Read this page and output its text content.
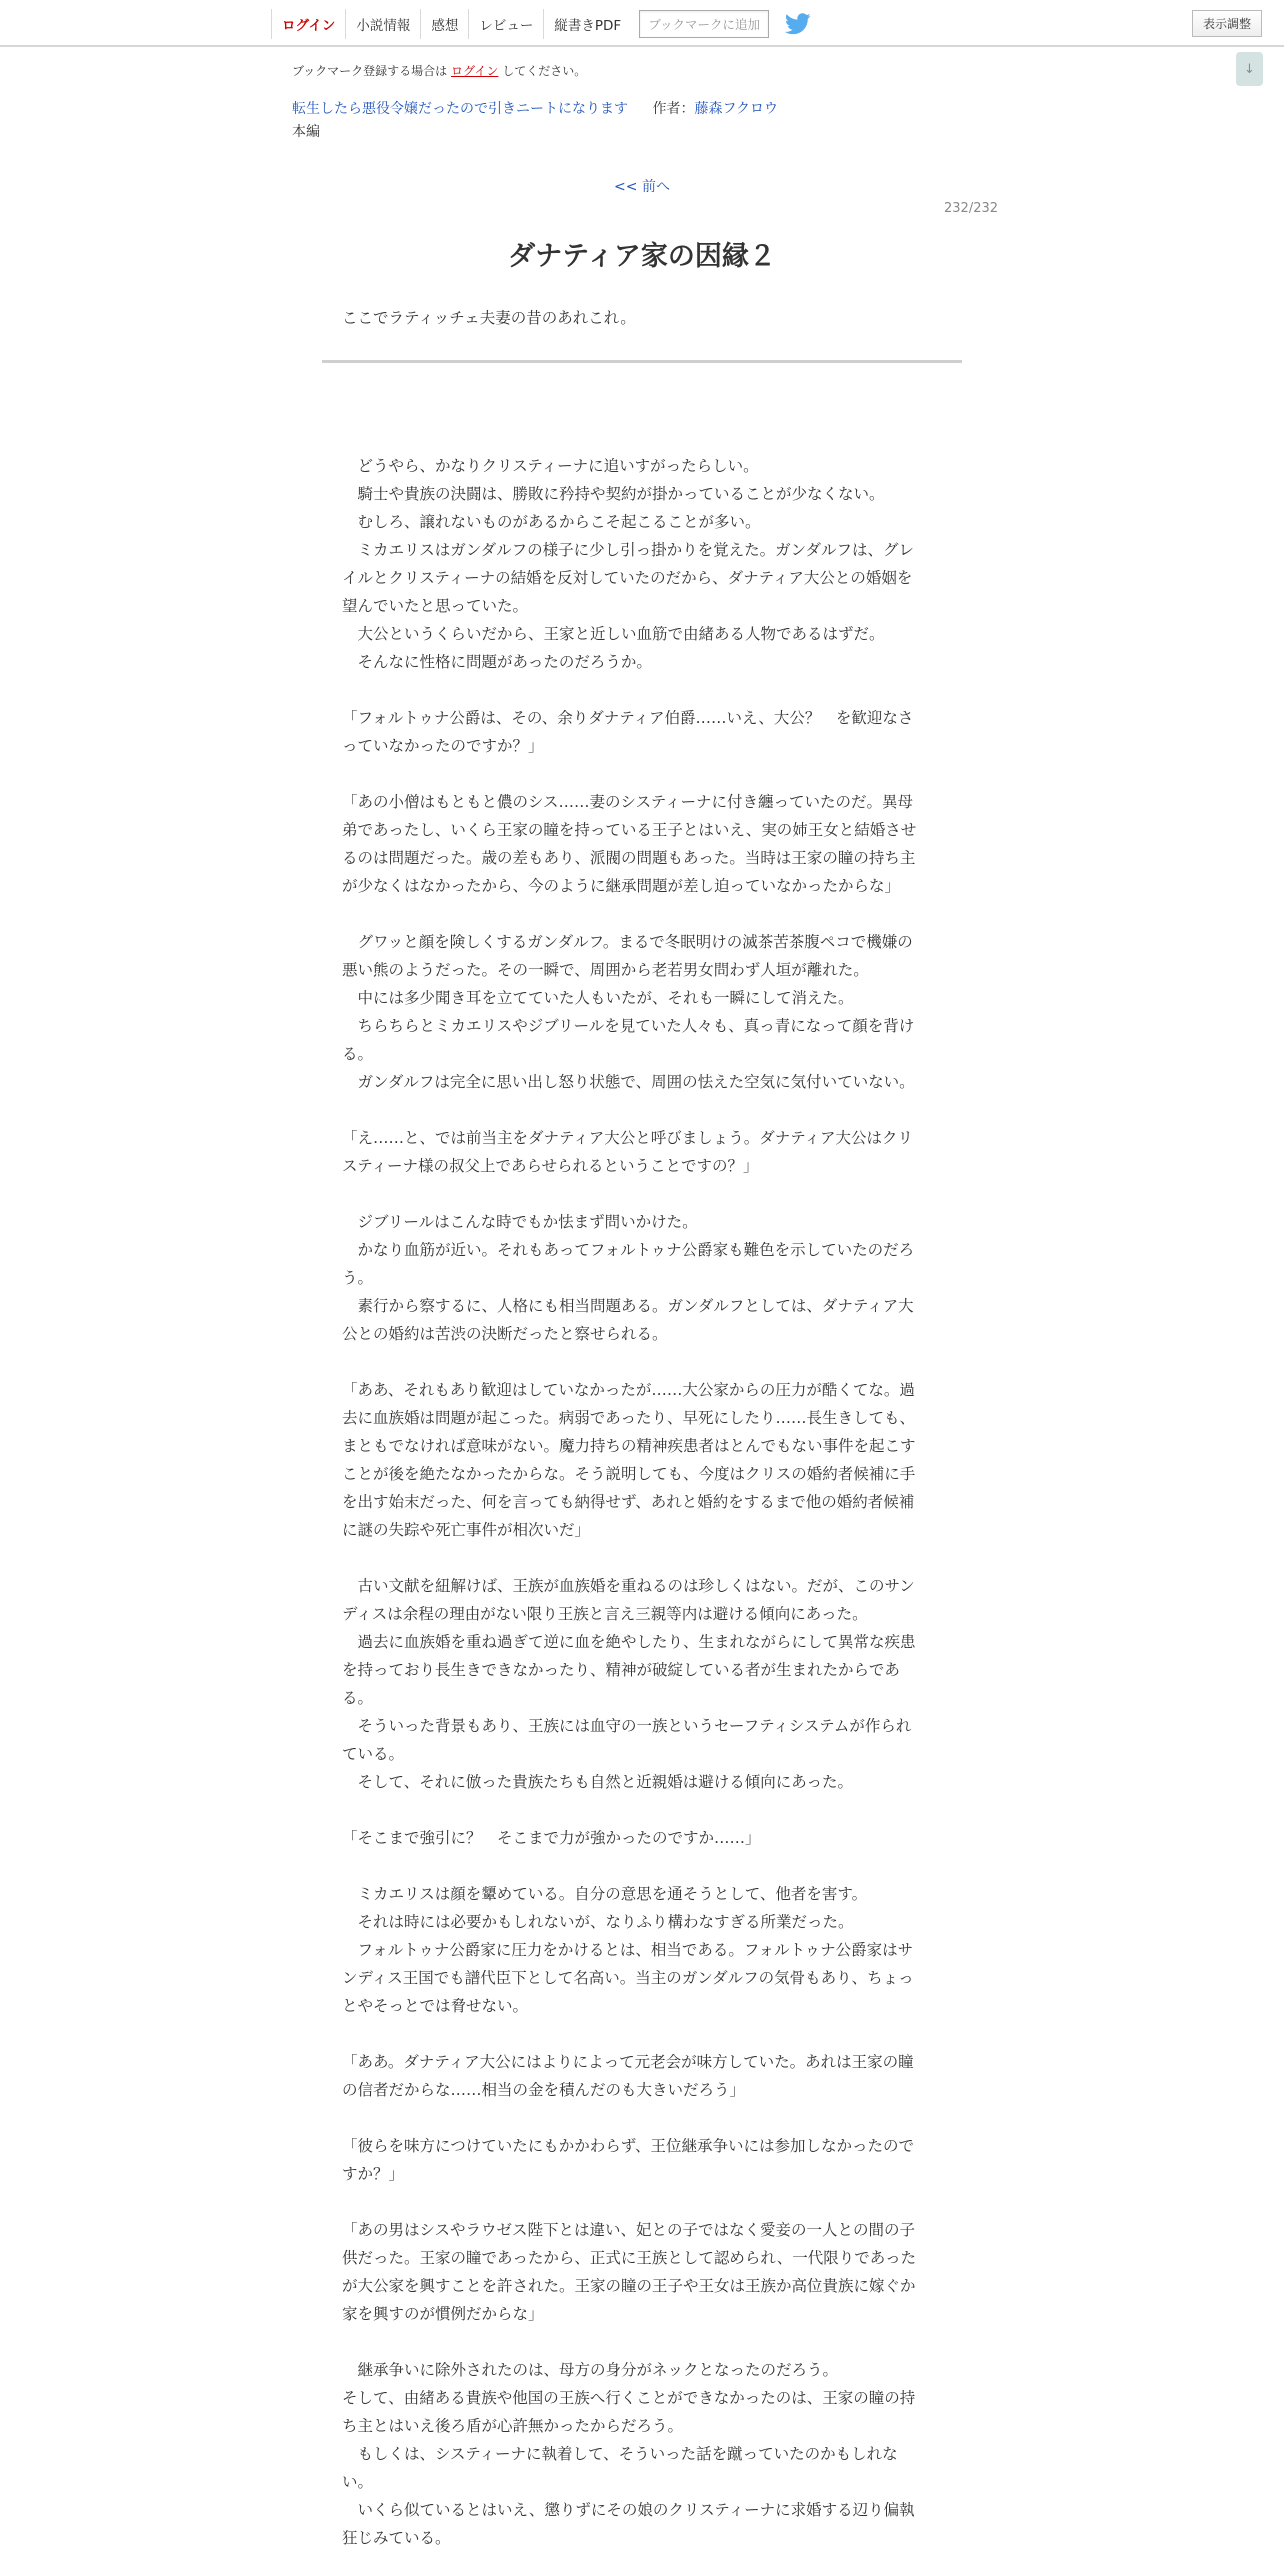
ログイン	小説情報	感想	レビュー	縦書きPDF	ブックマークに追加	表示調整
↓
ブックマーク登録する場合は ログイン してください。
転生したら悪役令嬢だったので引きニートになります 作者：藤森フクロウ
本編
<< 前へ
232/232
ダナティア家の因縁２
ここでラティッチェ夫妻の昔のあれこれ。

　どうやら、かなりクリスティーナに追いすがったらしい。

　騎士や貴族の決闘は、勝敗に矜持や契約が掛かっていることが少なくない。

　むしろ、譲れないものがあるからこそ起こることが多い。

　ミカエリスはガンダルフの様子に少し引っ掛かりを覚えた。ガンダルフは、グレ

イルとクリスティーナの結婚を反対していたのだから、ダナティア大公との婚姻を

望んでいたと思っていた。

　大公というくらいだから、王家と近しい血筋で由緒ある人物であるはずだ。

　そんなに性格に問題があったのだろうか。

「フォルトゥナ公爵は、その、余りダナティア伯爵……いえ、大公？　を歓迎なさ

っていなかったのですか？」

「あの小僧はもともと儂のシス……妻のシスティーナに付き纏っていたのだ。異母

弟であったし、いくら王家の瞳を持っている王子とはいえ、実の姉王女と結婚させ

るのは問題だった。歳の差もあり、派閥の問題もあった。当時は王家の瞳の持ち主

が少なくはなかったから、今のように継承問題が差し迫っていなかったからな」

　グワッと顔を険しくするガンダルフ。まるで冬眠明けの滅茶苦茶腹ペコで機嫌の

悪い熊のようだった。その一瞬で、周囲から老若男女問わず人垣が離れた。

　中には多少聞き耳を立てていた人もいたが、それも一瞬にして消えた。

　ちらちらとミカエリスやジブリールを見ていた人々も、真っ青になって顔を背け

る。

　ガンダルフは完全に思い出し怒り状態で、周囲の怯えた空気に気付いていない。

「え……と、では前当主をダナティア大公と呼びましょう。ダナティア大公はクリ

スティーナ様の叔父上であらせられるということですの？」

　ジブリールはこんな時でもか怯まず問いかけた。

　かなり血筋が近い。それもあってフォルトゥナ公爵家も難色を示していたのだろ

う。

　素行から察するに、人格にも相当問題ある。ガンダルフとしては、ダナティア大

公との婚約は苦渋の決断だったと察せられる。

「ああ、それもあり歓迎はしていなかったが……大公家からの圧力が酷くてな。過

去に血族婚は問題が起こった。病弱であったり、早死にしたり……長生きしても、

まともでなければ意味がない。魔力持ちの精神疾患者はとんでもない事件を起こす

ことが後を絶たなかったからな。そう説明しても、今度はクリスの婚約者候補に手

を出す始末だった、何を言っても納得せず、あれと婚約をするまで他の婚約者候補

に謎の失踪や死亡事件が相次いだ」

　古い文献を紐解けば、王族が血族婚を重ねるのは珍しくはない。だが、このサン

ディスは余程の理由がない限り王族と言え三親等内は避ける傾向にあった。

　過去に血族婚を重ね過ぎて逆に血を絶やしたり、生まれながらにして異常な疾患

を持っており長生きできなかったり、精神が破綻している者が生まれたからであ

る。

　そういった背景もあり、王族には血守の一族というセーフティシステムが作られ

ている。

　そして、それに倣った貴族たちも自然と近親婚は避ける傾向にあった。

「そこまで強引に？　そこまで力が強かったのですか……」

　ミカエリスは顔を顰めている。自分の意思を通そうとして、他者を害す。

　それは時には必要かもしれないが、なりふり構わなすぎる所業だった。

　フォルトゥナ公爵家に圧力をかけるとは、相当である。フォルトゥナ公爵家はサ

ンディス王国でも譜代臣下として名高い。当主のガンダルフの気骨もあり、ちょっ

とやそっとでは脅せない。

「ああ。ダナティア大公にはよりによって元老会が味方していた。あれは王家の瞳

の信者だからな……相当の金を積んだのも大きいだろう」

「彼らを味方につけていたにもかかわらず、王位継承争いには参加しなかったので

すか？」

「あの男はシスやラウゼス陛下とは違い、妃との子ではなく愛妾の一人との間の子

供だった。王家の瞳であったから、正式に王族として認められ、一代限りであった

が大公家を興すことを許された。王家の瞳の王子や王女は王族か高位貴族に嫁ぐか

家を興すのが慣例だからな」

　継承争いに除外されたのは、母方の身分がネックとなったのだろう。

そして、由緒ある貴族や他国の王族へ行くことができなかったのは、王家の瞳の持

ち主とはいえ後ろ盾が心許無かったからだろう。

　もしくは、システィーナに執着して、そういった話を蹴っていたのかもしれな

い。

　いくら似ているとはいえ、懲りずにその娘のクリスティーナに求婚する辺り偏執

狂じみている。
